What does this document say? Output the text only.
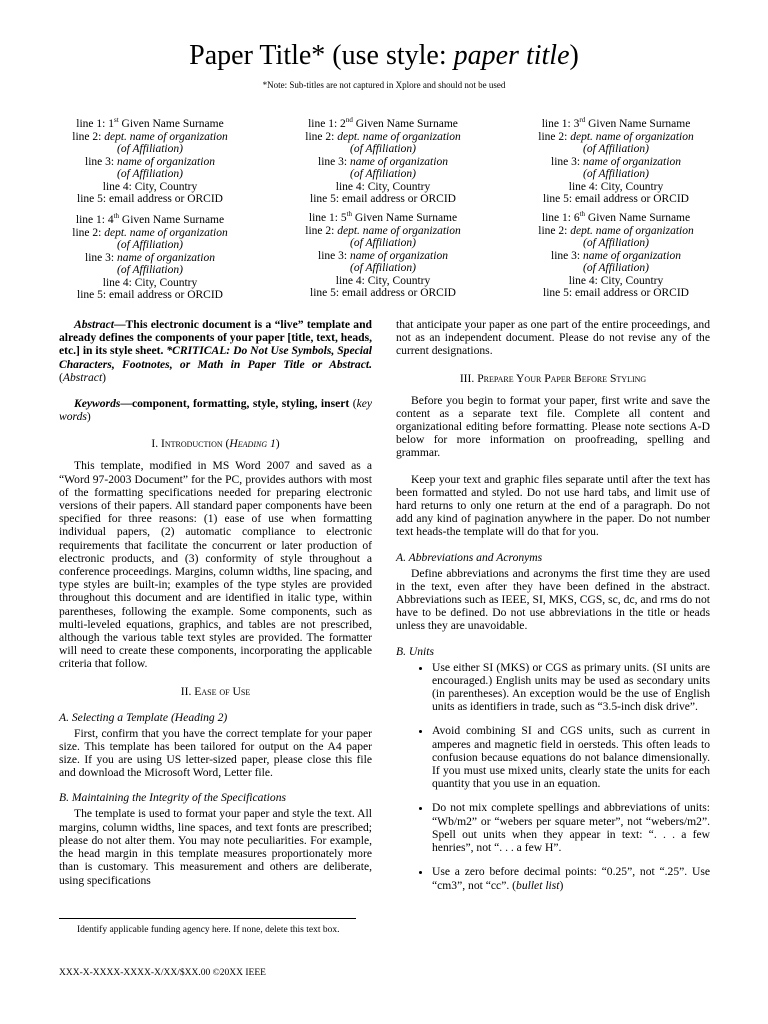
Paper Title* (use style: paper title)
*Note: Sub-titles are not captured in Xplore and should not be used
line 1: 1st Given Name Surname
line 2: dept. name of organization
(of Affiliation)
line 3: name of organization
(of Affiliation)
line 4: City, Country
line 5: email address or ORCID
line 1: 2nd Given Name Surname
line 2: dept. name of organization
(of Affiliation)
line 3: name of organization
(of Affiliation)
line 4: City, Country
line 5: email address or ORCID
line 1: 3rd Given Name Surname
line 2: dept. name of organization
(of Affiliation)
line 3: name of organization
(of Affiliation)
line 4: City, Country
line 5: email address or ORCID
line 1: 4th Given Name Surname
line 2: dept. name of organization
(of Affiliation)
line 3: name of organization
(of Affiliation)
line 4: City, Country
line 5: email address or ORCID
line 1: 5th Given Name Surname
line 2: dept. name of organization
(of Affiliation)
line 3: name of organization
(of Affiliation)
line 4: City, Country
line 5: email address or ORCID
line 1: 6th Given Name Surname
line 2: dept. name of organization
(of Affiliation)
line 3: name of organization
(of Affiliation)
line 4: City, Country
line 5: email address or ORCID

Abstract—This electronic document is a “live” template and already defines the components of your paper [title, text, heads, etc.] in its style sheet. *CRITICAL: Do Not Use Symbols, Special Characters, Footnotes, or Math in Paper Title or Abstract. (Abstract)

Keywords—component, formatting, style, styling, insert (key words)

I. Introduction (Heading 1)

This template, modified in MS Word 2007 and saved as a “Word 97-2003 Document” for the PC, provides authors with most of the formatting specifications needed for preparing electronic versions of their papers. All standard paper components have been specified for three reasons: (1) ease of use when formatting individual papers, (2) automatic compliance to electronic requirements that facilitate the concurrent or later production of electronic products, and (3) conformity of style throughout a conference proceedings. Margins, column widths, line spacing, and type styles are built-in; examples of the type styles are provided throughout this document and are identified in italic type, within parentheses, following the example. Some components, such as multi-leveled equations, graphics, and tables are not prescribed, although the various table text styles are provided. The formatter will need to create these components, incorporating the applicable criteria that follow.

II. Ease of Use
A. Selecting a Template (Heading 2)

First, confirm that you have the correct template for your paper size. This template has been tailored for output on the A4 paper size. If you are using US letter-sized paper, please close this file and download the Microsoft Word, Letter file.

B. Maintaining the Integrity of the Specifications

The template is used to format your paper and style the text. All margins, column widths, line spaces, and text fonts are prescribed; please do not alter them. You may note peculiarities. For example, the head margin in this template measures proportionately more than is customary. This measurement and others are deliberate, using specifications

that anticipate your paper as one part of the entire proceedings, and not as an independent document. Please do not revise any of the current designations.

III. Prepare Your Paper Before Styling

Before you begin to format your paper, first write and save the content as a separate text file. Complete all content and organizational editing before formatting. Please note sections A-D below for more information on proofreading, spelling and grammar.

Keep your text and graphic files separate until after the text has been formatted and styled. Do not use hard tabs, and limit use of hard returns to only one return at the end of a paragraph. Do not add any kind of pagination anywhere in the paper. Do not number text heads-the template will do that for you.

A. Abbreviations and Acronyms

Define abbreviations and acronyms the first time they are used in the text, even after they have been defined in the abstract. Abbreviations such as IEEE, SI, MKS, CGS, sc, dc, and rms do not have to be defined. Do not use abbreviations in the title or heads unless they are unavoidable.

B. Units
• Use either SI (MKS) or CGS as primary units. (SI units are encouraged.) English units may be used as secondary units (in parentheses). An exception would be the use of English units as identifiers in trade, such as “3.5-inch disk drive”.
• Avoid combining SI and CGS units, such as current in amperes and magnetic field in oersteds. This often leads to confusion because equations do not balance dimensionally. If you must use mixed units, clearly state the units for each quantity that you use in an equation.
• Do not mix complete spellings and abbreviations of units: “Wb/m2” or “webers per square meter”, not “webers/m2”. Spell out units when they appear in text: “. . . a few henries”, not “. . . a few H”.
• Use a zero before decimal points: “0.25”, not “.25”. Use “cm3”, not “cc”. (bullet list)
Identify applicable funding agency here. If none, delete this text box.
XXX-X-XXXX-XXXX-X/XX/$XX.00 ©20XX IEEE
